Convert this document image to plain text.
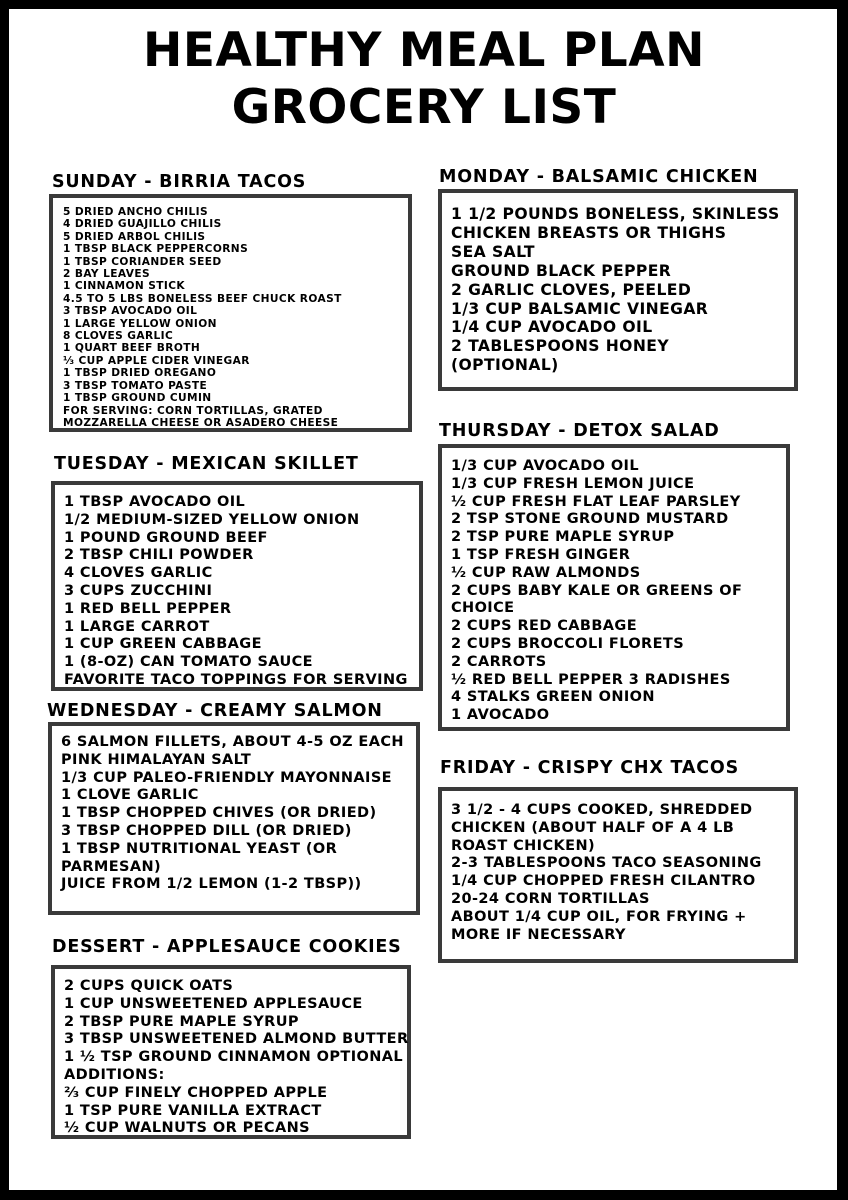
HEALTHY MEAL PLAN
GROCERY LIST
SUNDAY - BIRRIA TACOS
5 DRIED ANCHO CHILIS
4 DRIED GUAJILLO CHILIS
5 DRIED ARBOL CHILIS
1 TBSP BLACK PEPPERCORNS
1 TBSP CORIANDER SEED
2 BAY LEAVES
1 CINNAMON STICK
4.5 TO 5 LBS BONELESS BEEF CHUCK ROAST
3 TBSP AVOCADO OIL
1 LARGE YELLOW ONION
8 CLOVES GARLIC
1 QUART BEEF BROTH
⅓ CUP APPLE CIDER VINEGAR
1 TBSP DRIED OREGANO
3 TBSP TOMATO PASTE
1 TBSP GROUND CUMIN
FOR SERVING: CORN TORTILLAS, GRATED
MOZZARELLA CHEESE OR ASADERO CHEESE
MONDAY - BALSAMIC CHICKEN
1 1/2 POUNDS BONELESS, SKINLESS
CHICKEN BREASTS OR THIGHS
SEA SALT
GROUND BLACK PEPPER
2 GARLIC CLOVES, PEELED
1/3 CUP BALSAMIC VINEGAR
1/4 CUP AVOCADO OIL
2 TABLESPOONS HONEY
(OPTIONAL)
TUESDAY - MEXICAN SKILLET
1 TBSP AVOCADO OIL
1/2 MEDIUM-SIZED YELLOW ONION
1 POUND GROUND BEEF
2 TBSP CHILI POWDER
4 CLOVES GARLIC
3 CUPS ZUCCHINI
1 RED BELL PEPPER
1 LARGE CARROT
1 CUP GREEN CABBAGE
1 (8-OZ) CAN TOMATO SAUCE
FAVORITE TACO TOPPINGS FOR SERVING
THURSDAY - DETOX SALAD
1/3 CUP AVOCADO OIL
1/3 CUP FRESH LEMON JUICE
½ CUP FRESH FLAT LEAF PARSLEY
2 TSP STONE GROUND MUSTARD
2 TSP PURE MAPLE SYRUP
1 TSP FRESH GINGER
½ CUP RAW ALMONDS
2 CUPS BABY KALE OR GREENS OF
CHOICE
2 CUPS RED CABBAGE
2 CUPS BROCCOLI FLORETS
2 CARROTS
½ RED BELL PEPPER 3 RADISHES
4 STALKS GREEN ONION
1 AVOCADO
WEDNESDAY - CREAMY SALMON
6 SALMON FILLETS, ABOUT 4-5 OZ EACH
PINK HIMALAYAN SALT
1/3 CUP PALEO-FRIENDLY MAYONNAISE
1 CLOVE GARLIC
1 TBSP CHOPPED CHIVES (OR DRIED)
3 TBSP CHOPPED DILL (OR DRIED)
1 TBSP NUTRITIONAL YEAST (OR
PARMESAN)
JUICE FROM 1/2 LEMON (1-2 TBSP))
FRIDAY - CRISPY CHX TACOS
3 1/2 - 4 CUPS COOKED, SHREDDED
CHICKEN (ABOUT HALF OF A 4 LB
ROAST CHICKEN)
2-3 TABLESPOONS TACO SEASONING
1/4 CUP CHOPPED FRESH CILANTRO
20-24 CORN TORTILLAS
ABOUT 1/4 CUP OIL, FOR FRYING +
MORE IF NECESSARY
DESSERT - APPLESAUCE COOKIES
2 CUPS QUICK OATS
1 CUP UNSWEETENED APPLESAUCE
2 TBSP PURE MAPLE SYRUP
3 TBSP UNSWEETENED ALMOND BUTTER
1 ½ TSP GROUND CINNAMON OPTIONAL
ADDITIONS:
⅔ CUP FINELY CHOPPED APPLE
1 TSP PURE VANILLA EXTRACT
½ CUP WALNUTS OR PECANS
